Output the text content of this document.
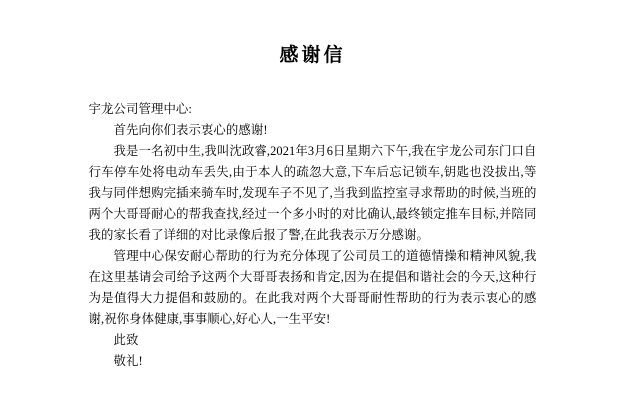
感谢信

宇龙公司管理中心:

首先向你们表示衷心的感谢!

我是一名初中生,我叫沈政睿,2021年3月6日星期六下午,我在宇龙公司东门口自行车停车处将电动车丢失,由于本人的疏忽大意,下车后忘记锁车,钥匙也没拔出,等我与同伴想购完插来骑车时,发现车子不见了,当我到监控室寻求帮助的时候,当班的两个大哥哥耐心的帮我查找,经过一个多小时的对比确认,最终锁定推车目标,并陪同我的家长看了详细的对比录像后报了警,在此我表示万分感谢。

管理中心保安耐心帮助的行为充分体现了公司员工的道德情操和精神风貌,我在这里基请会司给予这两个大哥哥表扬和肯定,因为在提倡和谐社会的今天,这种行为是值得大力提倡和鼓励的。在此我对两个大哥哥耐性帮助的行为表示衷心的感谢,祝你身体健康,事事顺心,好心人,一生平安!

此致

敬礼!
